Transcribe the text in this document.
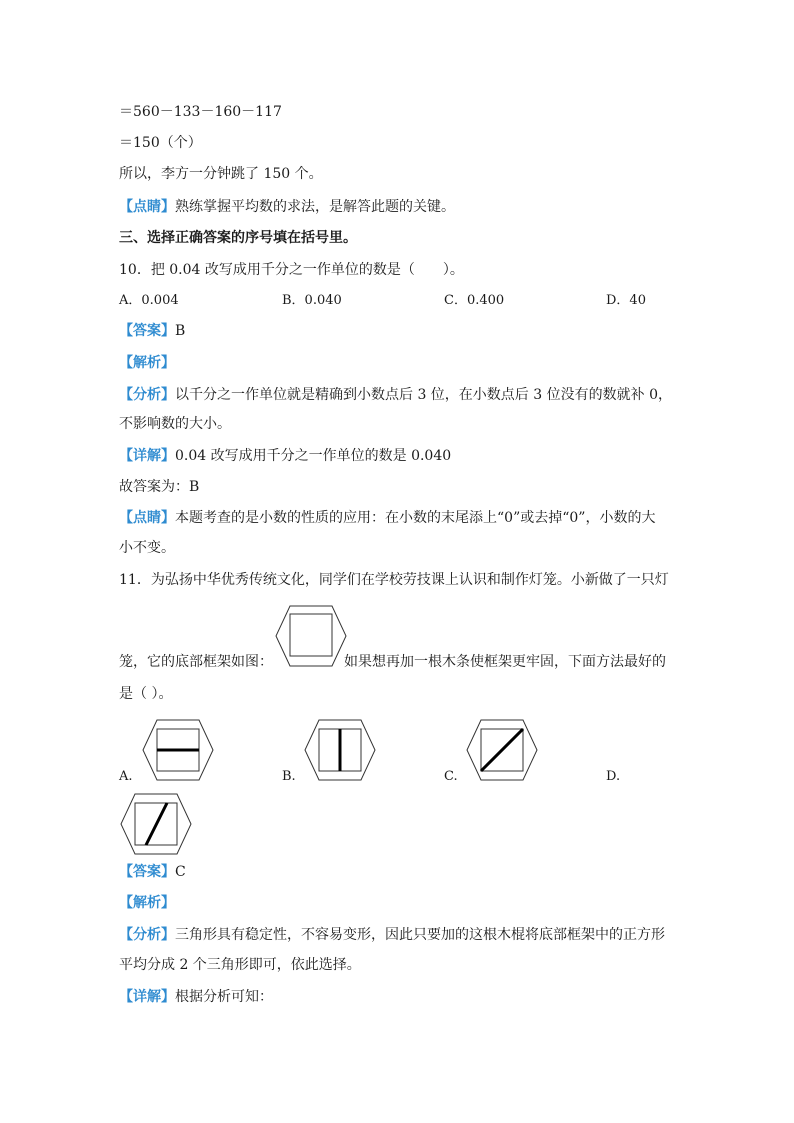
＝560－133－160－117
＝150（个）
所以，李方一分钟跳了 150 个。
【点睛】熟练掌握平均数的求法，是解答此题的关键。
三、选择正确答案的序号填在括号里。
10．把 0.04 改写成用千分之一作单位的数是（　　）。
A．0.004	B．0.040	C．0.400	D．40
【答案】B
【解析】
【分析】以千分之一作单位就是精确到小数点后 3 位，在小数点后 3 位没有的数就补 0，
不影响数的大小。
【详解】0.04 改写成用千分之一作单位的数是 0.040
故答案为：B
【点睛】本题考查的是小数的性质的应用：在小数的末尾添上“0”或去掉“0”，小数的大
小不变。
11．为弘扬中华优秀传统文化，同学们在学校劳技课上认识和制作灯笼。小新做了一只灯
笼，它的底部框架如图：	如果想再加一根木条使框架更牢固，下面方法最好的
是（ ）。
A.	B.	C.	D.
【答案】C
【解析】
【分析】三角形具有稳定性，不容易变形，因此只要加的这根木棍将底部框架中的正方形
平均分成 2 个三角形即可，依此选择。
【详解】根据分析可知：
